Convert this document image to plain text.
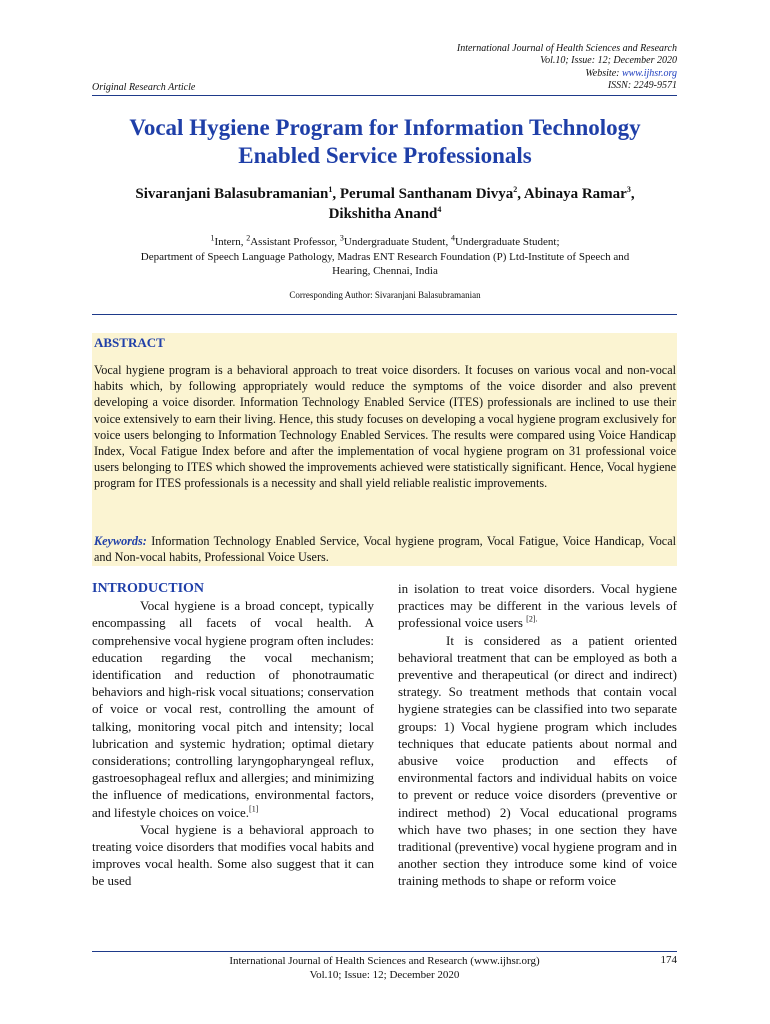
International Journal of Health Sciences and Research
Vol.10; Issue: 12; December 2020
Website: www.ijhsr.org
ISSN: 2249-9571
Original Research Article
Vocal Hygiene Program for Information Technology
Enabled Service Professionals
Sivaranjani Balasubramanian$^1$, Perumal Santhanam Divya$^2$, Abinaya Ramar$^3$,
Dikshitha Anand$^4$
$^1$Intern, $^2$Assistant Professor, $^3$Undergraduate Student, $^4$Undergraduate Student;
Department of Speech Language Pathology, Madras ENT Research Foundation (P) Ltd-Institute of Speech and
Hearing, Chennai, India
Corresponding Author: Sivaranjani Balasubramanian
ABSTRACT
Vocal hygiene program is a behavioral approach to treat voice disorders. It focuses on various vocal and non-vocal habits which, by following appropriately would reduce the symptoms of the voice disorder and also prevent developing a voice disorder. Information Technology Enabled Service (ITES) professionals are inclined to use their voice extensively to earn their living. Hence, this study focuses on developing a vocal hygiene program exclusively for voice users belonging to Information Technology Enabled Services. The results were compared using Voice Handicap Index, Vocal Fatigue Index before and after the implementation of vocal hygiene program on 31 professional voice users belonging to ITES which showed the improvements achieved were statistically significant. Hence, Vocal hygiene program for ITES professionals is a necessity and shall yield reliable realistic improvements.
Keywords: Information Technology Enabled Service, Vocal hygiene program, Vocal Fatigue, Voice Handicap, Vocal and Non-vocal habits, Professional Voice Users.
INTRODUCTION

Vocal hygiene is a broad concept, typically encompassing all facets of vocal health. A comprehensive vocal hygiene program often includes: education regarding the vocal mechanism; identification and reduction of phonotraumatic behaviors and high-risk vocal situations; conservation of voice or vocal rest, controlling the amount of talking, monitoring vocal pitch and intensity; local lubrication and systemic hydration; optimal dietary considerations; controlling laryngopharyngeal reflux, gastroesophageal reflux and allergies; and minimizing the influence of medications, environmental factors, and lifestyle choices on voice.[1]

Vocal hygiene is a behavioral approach to treating voice disorders that modifies vocal habits and improves vocal health. Some also suggest that it can be used

in isolation to treat voice disorders. Vocal hygiene practices may be different in the various levels of professional voice users $^{[2].}$

It is considered as a patient oriented behavioral treatment that can be employed as both a preventive and therapeutical (or direct and indirect) strategy. So treatment methods that contain vocal hygiene strategies can be classified into two separate groups: 1) Vocal hygiene program which includes techniques that educate patients about normal and abusive voice production and effects of environmental factors and individual habits on voice to prevent or reduce voice disorders (preventive or indirect method) 2) Vocal educational programs which have two phases; in one section they have traditional (preventive) vocal hygiene program and in another section they introduce some kind of voice training methods to shape or reform voice

International Journal of Health Sciences and Research (www.ijhsr.org)
Vol.10; Issue: 12; December 2020
174
